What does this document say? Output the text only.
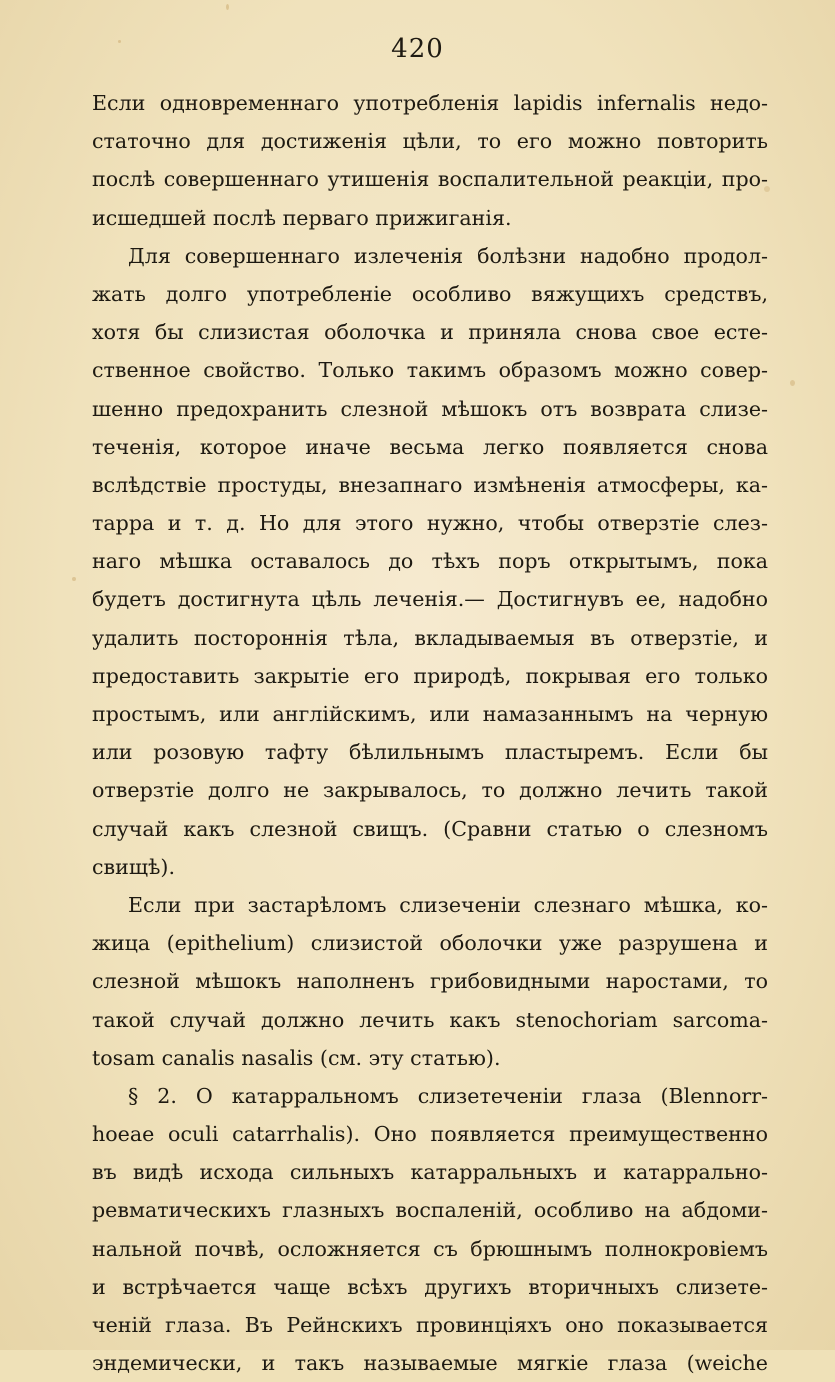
420
Если одновременнаго употребленія lapidis infernalis недо-
статочно для достиженія цѣли, то его можно повторить
послѣ совершеннаго утишенія воспалительной реакціи, про-
исшедшей послѣ перваго прижиганія.
Для совершеннаго излеченія болѣзни надобно продол-
жать долго употребленіе особливо вяжущихъ средствъ,
хотя бы слизистая оболочка и приняла снова свое есте-
ственное свойство. Только такимъ образомъ можно совер-
шенно предохранить слезной мѣшокъ отъ возврата слизе-
теченія, которое иначе весьма легко появляется снова
вслѣдствіе простуды, внезапнаго измѣненія атмосферы, ка-
тарра и т. д. Но для этого нужно, чтобы отверзтіе слез-
наго мѣшка оставалось до тѣхъ поръ открытымъ, пока
будетъ достигнута цѣль леченія.— Достигнувъ ее, надобно
удалить постороннія тѣла, вкладываемыя въ отверзтіе, и
предоставить закрытіе его природѣ, покрывая его только
простымъ, или англійскимъ, или намазаннымъ на черную
или розовую тафту бѣлильнымъ пластыремъ. Если бы
отверзтіе долго не закрывалось, то должно лечить такой
случай какъ слезной свищъ. (Сравни статью о слезномъ
свищѣ).
Если при застарѣломъ слизеченіи слезнаго мѣшка, ко-
жица (epithelium) слизистой оболочки уже разрушена и
слезной мѣшокъ наполненъ грибовидными наростами, то
такой случай должно лечить какъ stenochoriam sarcoma-
tosam canalis nasalis (см. эту статью).
§ 2. О катарральномъ слизетеченіи глаза (Blennorr-
hoeae oculi catarrhalis). Оно появляется преимущественно
въ видѣ исхода сильныхъ катарральныхъ и катаррально-
ревматическихъ глазныхъ воспаленій, особливо на абдоми-
нальной почвѣ, осложняется съ брюшнымъ полнокровіемъ
и встрѣчается чаще всѣхъ другихъ вторичныхъ слизете-
ченій глаза. Въ Рейнскихъ провинціяхъ оно показывается
эндемически, и такъ называемые мягкіе глаза (weiche
